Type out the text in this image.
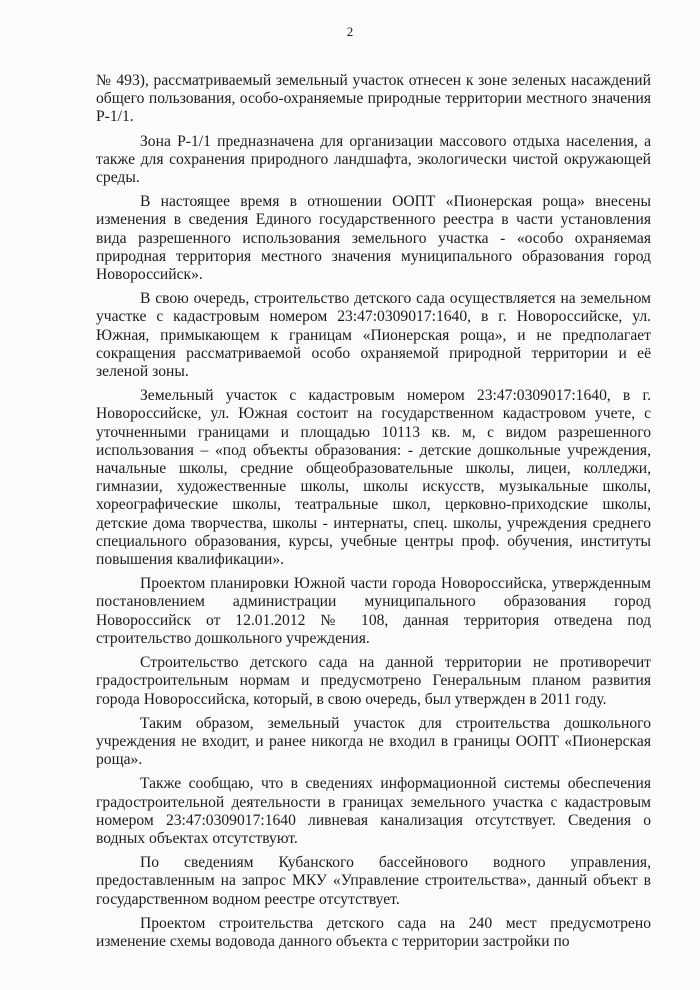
2

№ 493), рассматриваемый земельный участок отнесен к зоне зеленых насаждений общего пользования, особо-охраняемые природные территории местного значения Р-1/1.

Зона Р-1/1 предназначена для организации массового отдыха населения, а также для сохранения природного ландшафта, экологически чистой окружающей среды.

В настоящее время в отношении ООПТ «Пионерская роща» внесены изменения в сведения Единого государственного реестра в части установления вида разрешенного использования земельного участка - «особо охраняемая природная территория местного значения муниципального образования город Новороссийск».

В свою очередь, строительство детского сада осуществляется на земельном участке с кадастровым номером 23:47:0309017:1640, в г. Новороссийске, ул. Южная, примыкающем к границам «Пионерская роща», и не предполагает сокращения рассматриваемой особо охраняемой природной территории и её зеленой зоны.

Земельный участок с кадастровым номером 23:47:0309017:1640, в г. Новороссийске, ул. Южная состоит на государственном кадастровом учете, с уточненными границами и площадью 10113 кв. м, с видом разрешенного использования – «под объекты образования: - детские дошкольные учреждения, начальные школы, средние общеобразовательные школы, лицеи, колледжи, гимназии, художественные школы, школы искусств, музыкальные школы, хореографические школы, театральные школ, церковно-приходские школы, детские дома творчества, школы - интернаты, спец. школы, учреждения среднего специального образования, курсы, учебные центры проф. обучения, институты повышения квалификации».

Проектом планировки Южной части города Новороссийска, утвержденным постановлением администрации муниципального образования город Новороссийск от 12.01.2012 № 108, данная территория отведена под строительство дошкольного учреждения.

Строительство детского сада на данной территории не противоречит градостроительным нормам и предусмотрено Генеральным планом развития города Новороссийска, который, в свою очередь, был утвержден в 2011 году.

Таким образом, земельный участок для строительства дошкольного учреждения не входит, и ранее никогда не входил в границы ООПТ «Пионерская роща».

Также сообщаю, что в сведениях информационной системы обеспечения градостроительной деятельности в границах земельного участка с кадастровым номером 23:47:0309017:1640 ливневая канализация отсутствует. Сведения о водных объектах отсутствуют.

По сведениям Кубанского бассейнового водного управления, предоставленным на запрос МКУ «Управление строительства», данный объект в государственном водном реестре отсутствует.

Проектом строительства детского сада на 240 мест предусмотрено изменение схемы водовода данного объекта с территории застройки по
